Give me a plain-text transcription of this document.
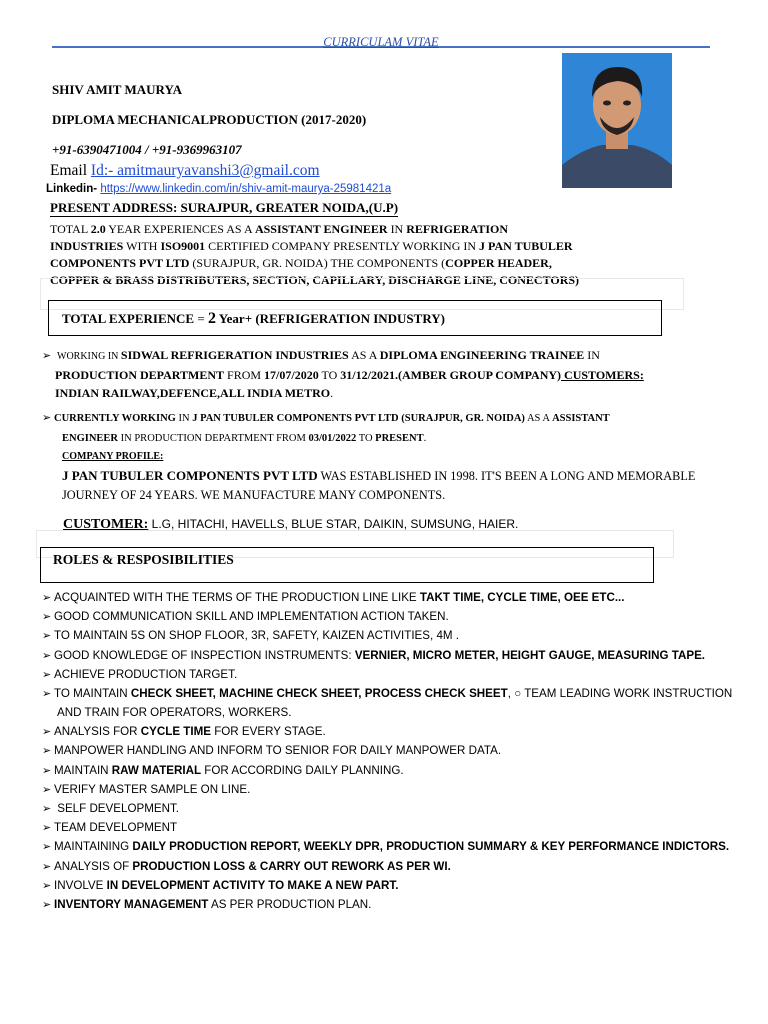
CURRICULAM VITAE
SHIV AMIT MAURYA
DIPLOMA MECHANICALPRODUCTION (2017-2020)
+91-6390471004 / +91-9369963107
Email Id:- amitmauryavanshi3@gmail.com
Linkedin- https://www.linkedin.com/in/shiv-amit-maurya-25981421a
PRESENT ADDRESS: SURAJPUR, GREATER NOIDA,(U.P)
TOTAL 2.0 YEAR EXPERIENCES AS A ASSISTANT ENGINEER IN REFRIGERATION
INDUSTRIES WITH ISO9001 CERTIFIED COMPANY PRESENTLY WORKING IN J PAN TUBULER
COMPONENTS PVT LTD (SURAJPUR, GR. NOIDA) THE COMPONENTS (COPPER HEADER,
COPPER & BRASS DISTRIBUTERS, SECTION, CAPILLARY, DISCHARGE LINE, CONECTORS)
TOTAL EXPERIENCE = 2 Year+ (REFRIGERATION INDUSTRY)
➢ WORKING IN SIDWAL REFRIGERATION INDUSTRIES AS A DIPLOMA ENGINEERING TRAINEE IN
PRODUCTION DEPARTMENT FROM 17/07/2020 TO 31/12/2021.(AMBER GROUP COMPANY) CUSTOMERS:
INDIAN RAILWAY,DEFENCE,ALL INDIA METRO.
➢ CURRENTLY WORKING IN J PAN TUBULER COMPONENTS PVT LTD (SURAJPUR, GR. NOIDA) AS A ASSISTANT
ENGINEER IN PRODUCTION DEPARTMENT FROM 03/01/2022 TO PRESENT.
COMPANY PROFILE:
J PAN TUBULER COMPONENTS PVT LTD WAS ESTABLISHED IN 1998. IT'S BEEN A LONG AND MEMORABLE
JOURNEY OF 24 YEARS. WE MANUFACTURE MANY COMPONENTS.
CUSTOMER: L.G, HITACHI, HAVELLS, BLUE STAR, DAIKIN, SUMSUNG, HAIER.
ROLES & RESPOSIBILITIES
➢ ACQUAINTED WITH THE TERMS OF THE PRODUCTION LINE LIKE TAKT TIME, CYCLE TIME, OEE ETC...
➢ GOOD COMMUNICATION SKILL AND IMPLEMENTATION ACTION TAKEN.
➢ TO MAINTAIN 5S ON SHOP FLOOR, 3R, SAFETY, KAIZEN ACTIVITIES, 4M .
➢ GOOD KNOWLEDGE OF INSPECTION INSTRUMENTS: VERNIER, MICRO METER, HEIGHT GAUGE, MEASURING TAPE.
➢ ACHIEVE PRODUCTION TARGET.
➢ TO MAINTAIN CHECK SHEET, MACHINE CHECK SHEET, PROCESS CHECK SHEET, ○ TEAM LEADING WORK INSTRUCTION
AND TRAIN FOR OPERATORS, WORKERS.
➢ ANALYSIS FOR CYCLE TIME FOR EVERY STAGE.
➢ MANPOWER HANDLING AND INFORM TO SENIOR FOR DAILY MANPOWER DATA.
➢ MAINTAIN RAW MATERIAL FOR ACCORDING DAILY PLANNING.
➢ VERIFY MASTER SAMPLE ON LINE.
➢ SELF DEVELOPMENT.
➢ TEAM DEVELOPMENT
➢ MAINTAINING DAILY PRODUCTION REPORT, WEEKLY DPR, PRODUCTION SUMMARY & KEY PERFORMANCE INDICTORS.
➢ ANALYSIS OF PRODUCTION LOSS & CARRY OUT REWORK AS PER WI.
➢ INVOLVE IN DEVELOPMENT ACTIVITY TO MAKE A NEW PART.
➢ INVENTORY MANAGEMENT AS PER PRODUCTION PLAN.
